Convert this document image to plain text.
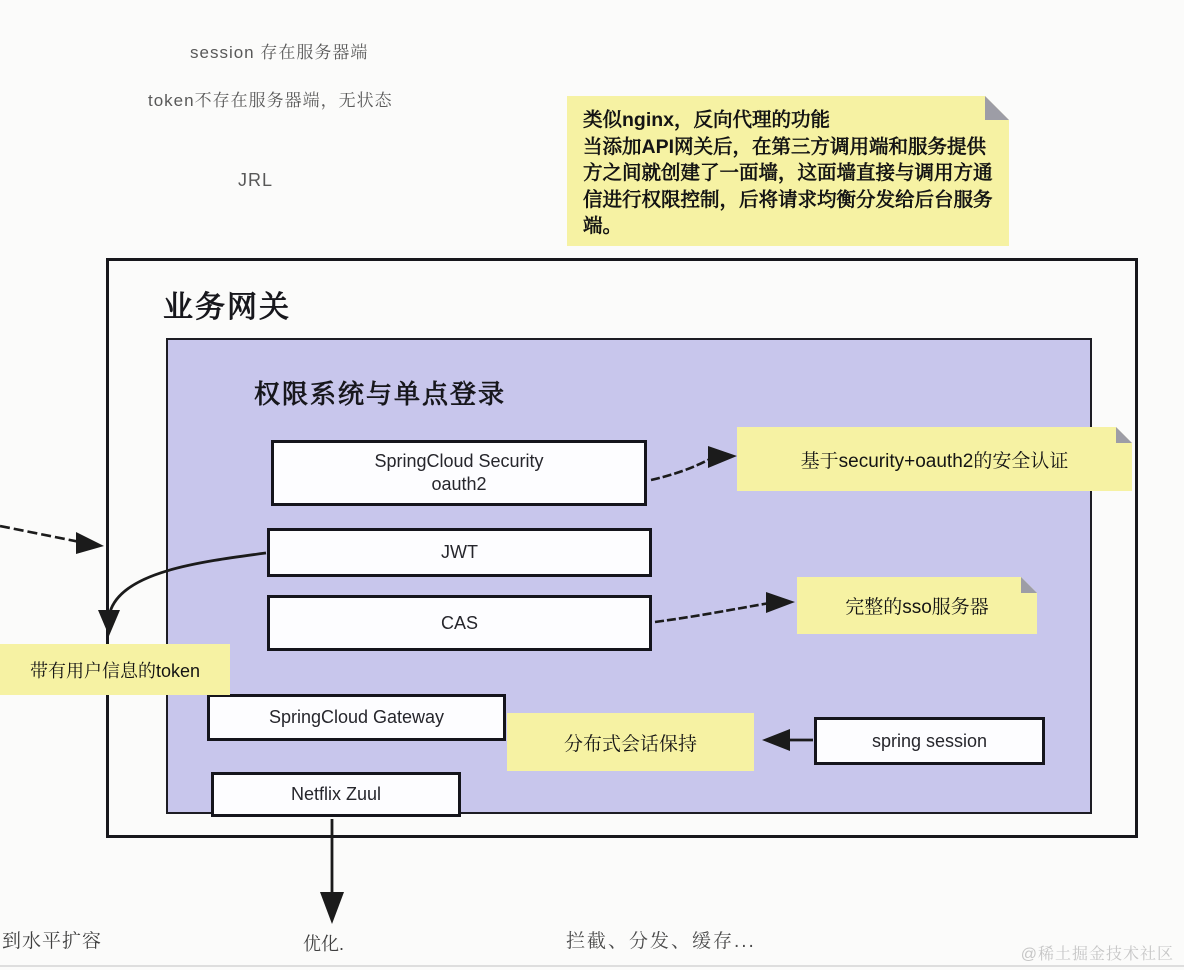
session 存在服务器端
token不存在服务器端，无状态
JRL
类似nginx，反向代理的功能
当添加API网关后，在第三方调用端和服务提供方之间就创建了一面墙，这面墙直接与调用方通信进行权限控制，后将请求均衡分发给后台服务端。
业务网关
权限系统与单点登录
SpringCloud Security
oauth2
JWT
CAS
SpringCloud Gateway
Netflix Zuul
spring session
基于security+oauth2的安全认证
完整的sso服务器
带有用户信息的token
分布式会话保持
到水平扩容	优化.	拦截、分发、缓存...
@稀土掘金技术社区
